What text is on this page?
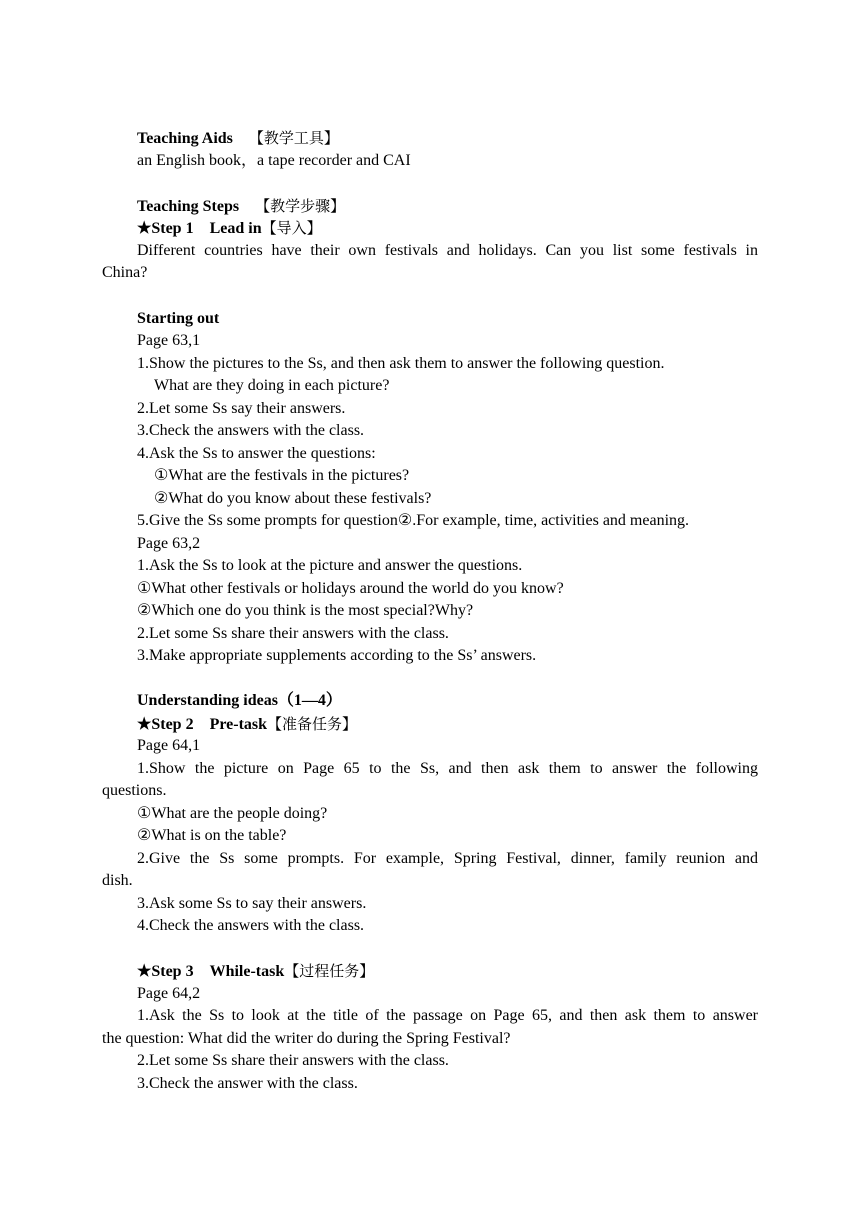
Teaching Aids 【教学工具】
an English book，a tape recorder and CAI
Teaching Steps 【教学步骤】
★Step 1　Lead in【导入】
Different countries have their own festivals and holidays. Can you list some festivals in
China?
Starting out
Page 63,1
1.Show the pictures to the Ss, and then ask them to answer the following question.
What are they doing in each picture?
2.Let some Ss say their answers.
3.Check the answers with the class.
4.Ask the Ss to answer the questions:
①What are the festivals in the pictures?
②What do you know about these festivals?
5.Give the Ss some prompts for question②.For example, time, activities and meaning.
Page 63,2
1.Ask the Ss to look at the picture and answer the questions.
①What other festivals or holidays around the world do you know?
②Which one do you think is the most special?Why?
2.Let some Ss share their answers with the class.
3.Make appropriate supplements according to the Ss’ answers.
Understanding ideas（1—4）
★Step 2　Pre-task【准备任务】
Page 64,1
1.Show the picture on Page 65 to the Ss, and then ask them to answer the following
questions.
①What are the people doing?
②What is on the table?
2.Give the Ss some prompts. For example, Spring Festival, dinner, family reunion and
dish.
3.Ask some Ss to say their answers.
4.Check the answers with the class.
★Step 3　While-task【过程任务】
Page 64,2
1.Ask the Ss to look at the title of the passage on Page 65, and then ask them to answer
the question: What did the writer do during the Spring Festival?
2.Let some Ss share their answers with the class.
3.Check the answer with the class.
